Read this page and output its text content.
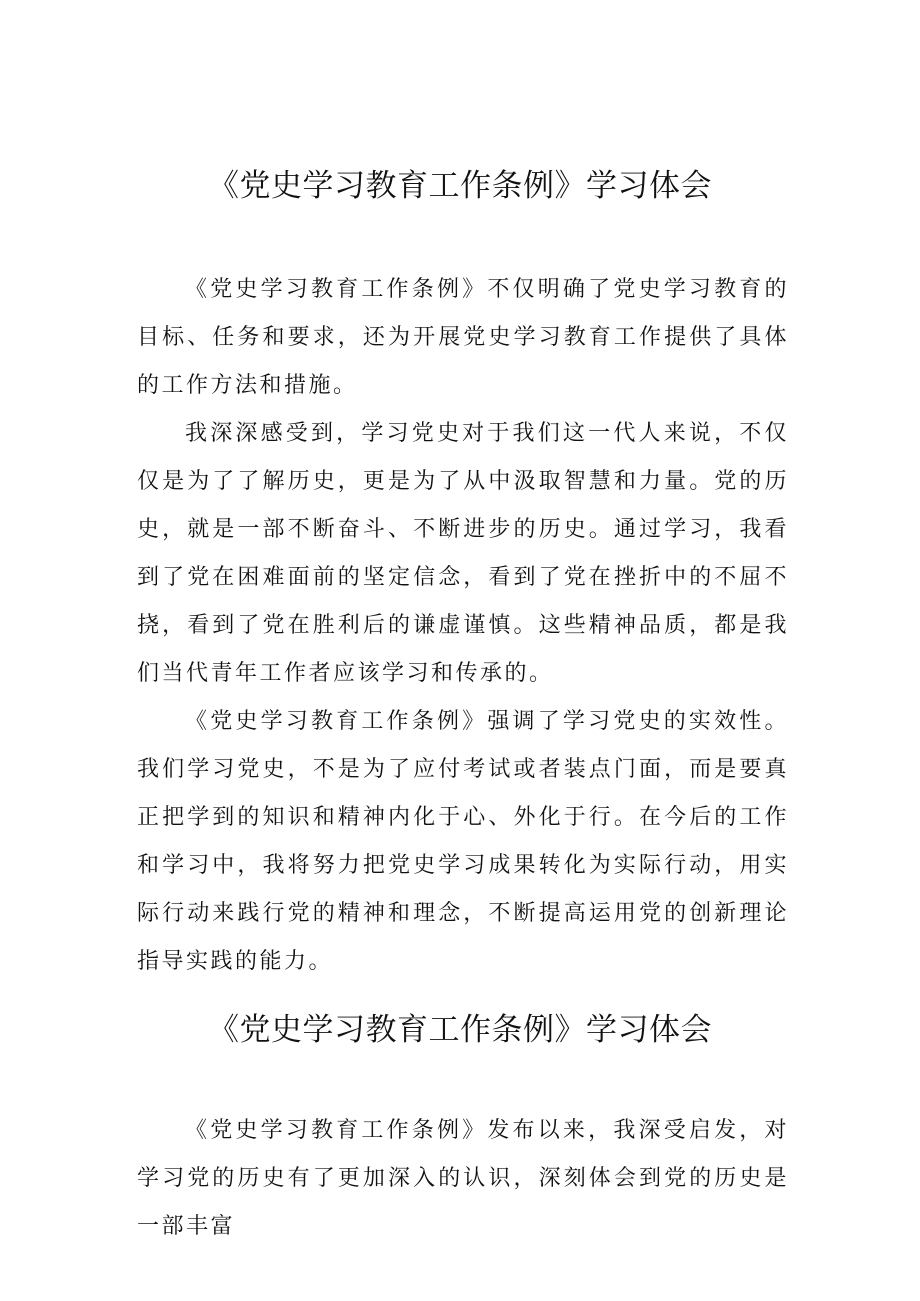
《党史学习教育工作条例》学习体会

《党史学习教育工作条例》不仅明确了党史学习教育的目标、任务和要求，还为开展党史学习教育工作提供了具体的工作方法和措施。

我深深感受到，学习党史对于我们这一代人来说，不仅仅是为了了解历史，更是为了从中汲取智慧和力量。党的历史，就是一部不断奋斗、不断进步的历史。通过学习，我看到了党在困难面前的坚定信念，看到了党在挫折中的不屈不挠，看到了党在胜利后的谦虚谨慎。这些精神品质，都是我们当代青年工作者应该学习和传承的。

《党史学习教育工作条例》强调了学习党史的实效性。我们学习党史，不是为了应付考试或者装点门面，而是要真正把学到的知识和精神内化于心、外化于行。在今后的工作和学习中，我将努力把党史学习成果转化为实际行动，用实际行动来践行党的精神和理念，不断提高运用党的创新理论指导实践的能力。

《党史学习教育工作条例》学习体会

《党史学习教育工作条例》发布以来，我深受启发，对学习党的历史有了更加深入的认识，深刻体会到党的历史是一部丰富
